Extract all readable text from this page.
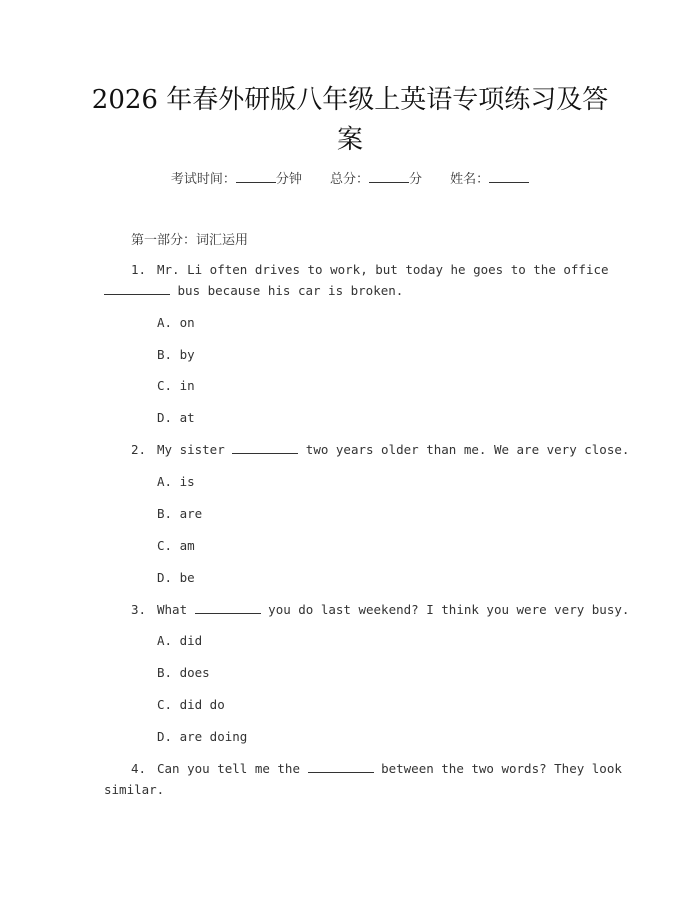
2026 年春外研版八年级上英语专项练习及答案
考试时间：	分钟 总分：	分 姓名：
第一部分：词汇运用
1. Mr. Li often drives to work, but today he goes to the office
bus because his car is broken.
A. on
B. by
C. in
D. at
2. My sister	two years older than me. We are very close.
A. is
B. are
C. am
D. be
3. What	you do last weekend? I think you were very busy.
A. did
B. does
C. did do
D. are doing
4. Can you tell me the	between the two words? They look
similar.
